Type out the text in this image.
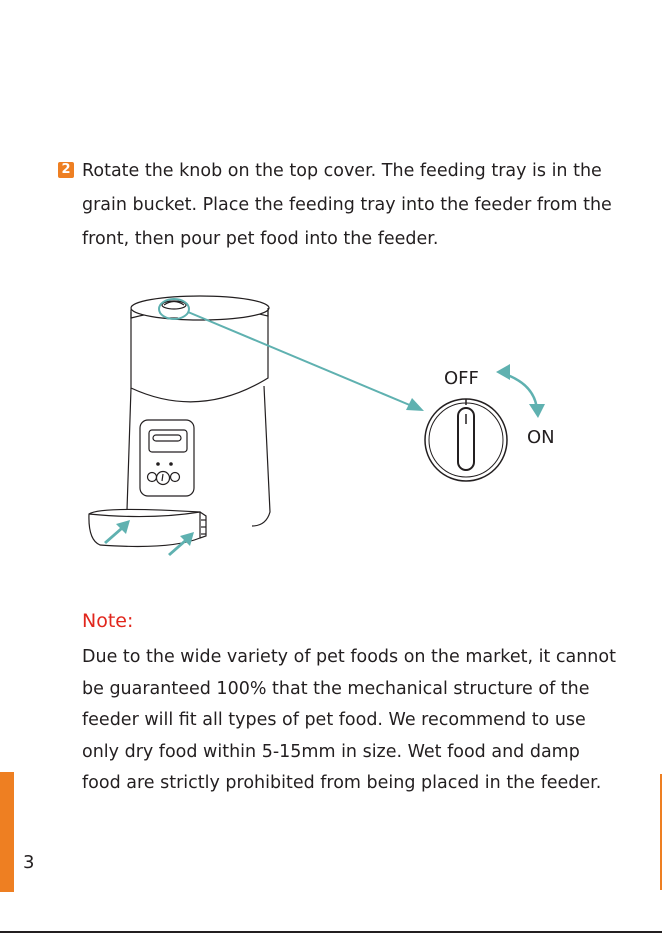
2 Rotate the knob on the top cover. The feeding tray is in the
grain bucket. Place the feeding tray into the feeder from the
front, then pour pet food into the feeder.

OFF
ON
Note:

Due to the wide variety of pet foods on the market, it cannot
be guaranteed 100% that the mechanical structure of the
feeder will fit all types of pet food. We recommend to use
only dry food within 5-15mm in size. Wet food and damp
food are strictly prohibited from being placed in the feeder.

3
